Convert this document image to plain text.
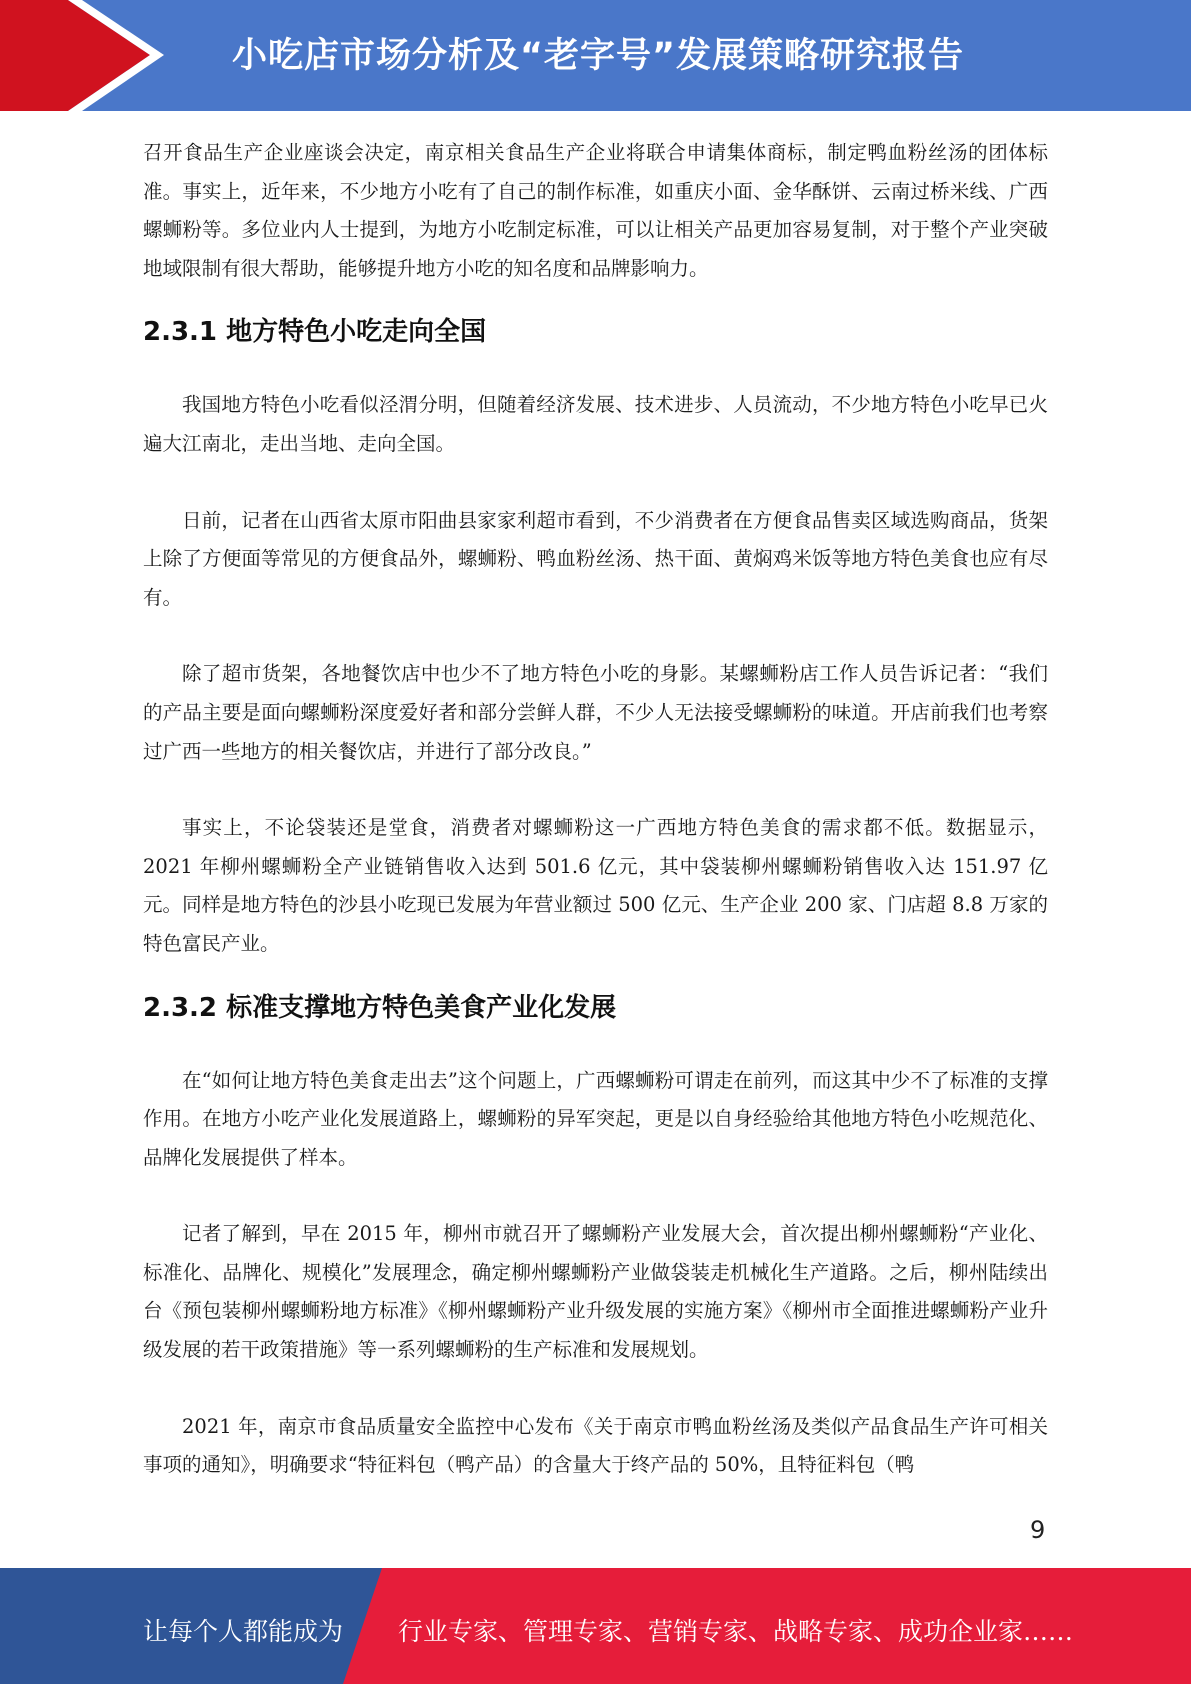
小吃店市场分析及“老字号”发展策略研究报告

召开食品生产企业座谈会决定，南京相关食品生产企业将联合申请集体商标，制定鸭血粉丝汤的团体标准。事实上，近年来，不少地方小吃有了自己的制作标准，如重庆小面、金华酥饼、云南过桥米线、广西螺蛳粉等。多位业内人士提到，为地方小吃制定标准，可以让相关产品更加容易复制，对于整个产业突破地域限制有很大帮助，能够提升地方小吃的知名度和品牌影响力。

2.3.1 地方特色小吃走向全国

我国地方特色小吃看似泾渭分明，但随着经济发展、技术进步、人员流动，不少地方特色小吃早已火遍大江南北，走出当地、走向全国。

日前，记者在山西省太原市阳曲县家家利超市看到，不少消费者在方便食品售卖区域选购商品，货架上除了方便面等常见的方便食品外，螺蛳粉、鸭血粉丝汤、热干面、黄焖鸡米饭等地方特色美食也应有尽有。

除了超市货架，各地餐饮店中也少不了地方特色小吃的身影。某螺蛳粉店工作人员告诉记者：“我们的产品主要是面向螺蛳粉深度爱好者和部分尝鲜人群，不少人无法接受螺蛳粉的味道。开店前我们也考察过广西一些地方的相关餐饮店，并进行了部分改良。”

事实上，不论袋装还是堂食，消费者对螺蛳粉这一广西地方特色美食的需求都不低。数据显示，2021 年柳州螺蛳粉全产业链销售收入达到 501.6 亿元，其中袋装柳州螺蛳粉销售收入达 151.97 亿元。同样是地方特色的沙县小吃现已发展为年营业额过 500 亿元、生产企业 200 家、门店超 8.8 万家的特色富民产业。

2.3.2 标准支撑地方特色美食产业化发展

在“如何让地方特色美食走出去”这个问题上，广西螺蛳粉可谓走在前列，而这其中少不了标准的支撑作用。在地方小吃产业化发展道路上，螺蛳粉的异军突起，更是以自身经验给其他地方特色小吃规范化、品牌化发展提供了样本。

记者了解到，早在 2015 年，柳州市就召开了螺蛳粉产业发展大会，首次提出柳州螺蛳粉“产业化、标准化、品牌化、规模化”发展理念，确定柳州螺蛳粉产业做袋装走机械化生产道路。之后，柳州陆续出台《预包装柳州螺蛳粉地方标准》《柳州螺蛳粉产业升级发展的实施方案》《柳州市全面推进螺蛳粉产业升级发展的若干政策措施》等一系列螺蛳粉的生产标准和发展规划。

2021 年，南京市食品质量安全监控中心发布《关于南京市鸭血粉丝汤及类似产品食品生产许可相关事项的通知》，明确要求“特征料包（鸭产品）的含量大于终产品的 50%，且特征料包（鸭

9
让每个人都能成为 行业专家、管理专家、营销专家、战略专家、成功企业家……
